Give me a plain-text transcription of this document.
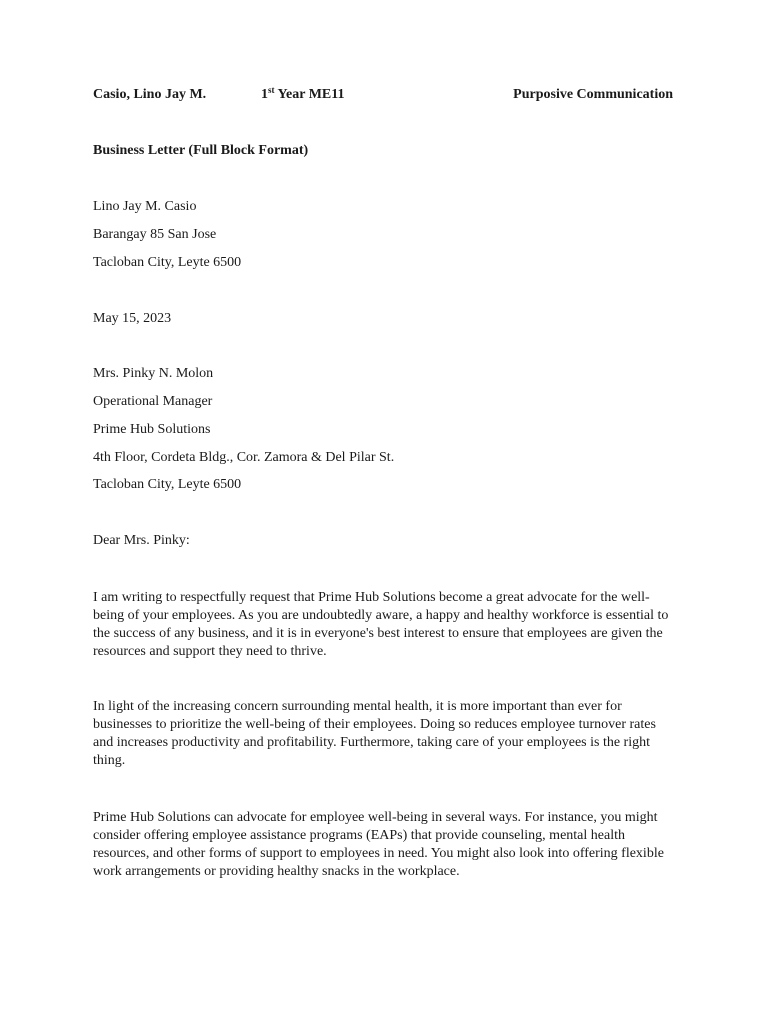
Casio, Lino Jay M.	1st Year ME11	Purposive Communication
Business Letter (Full Block Format)
Lino Jay M. Casio
Barangay 85 San Jose
Tacloban City, Leyte 6500
May 15, 2023
Mrs. Pinky N. Molon
Operational Manager
Prime Hub Solutions
4th Floor, Cordeta Bldg., Cor. Zamora & Del Pilar St.
Tacloban City, Leyte 6500
Dear Mrs. Pinky:
I am writing to respectfully request that Prime Hub Solutions become a great advocate for the well-being of your employees. As you are undoubtedly aware, a happy and healthy workforce is essential to the success of any business, and it is in everyone's best interest to ensure that employees are given the resources and support they need to thrive.
In light of the increasing concern surrounding mental health, it is more important than ever for businesses to prioritize the well-being of their employees. Doing so reduces employee turnover rates and increases productivity and profitability. Furthermore, taking care of your employees is the right thing.
Prime Hub Solutions can advocate for employee well-being in several ways. For instance, you might consider offering employee assistance programs (EAPs) that provide counseling, mental health resources, and other forms of support to employees in need. You might also look into offering flexible work arrangements or providing healthy snacks in the workplace.
